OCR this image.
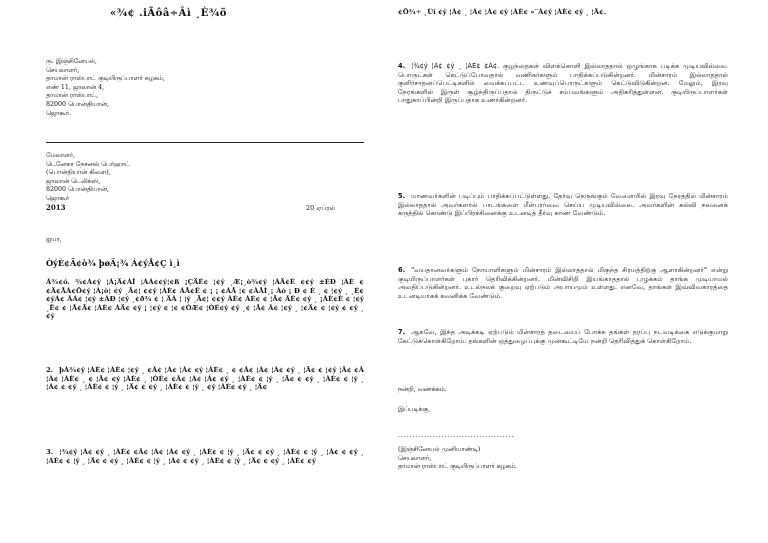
«¾¢ .iÃôâ÷Âì ¸È¾õ
ரு. இஞ்சினேயல்,
செயலாளர்,
தாமான் ராஸ்பாட் குடியிருப்பாளர் கழகம்,
எண் 11, ஜாலான் 4,
தாமான் ராஸ்பாட்,
82000 பொன்தியான்,
ஜொகூர்.
மேலாளர்,
டெனேகா நேசனல் பெர்ஹாட்
(பொன்தியான் கிளை),
ஜாலான் டெலிக்ஸ்,
82000 பொன்தியான்,
ஜொகூர்
2013	20 ஏப்ரல்
ஐயா,
ÒýÈ¢Ã¢ò¾ þøÄ¡¾ Á¢ýÅ¢Ç ì¸ì
Â¾¢ó. ¾¢Á¢ý ¦À¡Ä¢ÀÎ ¦ÀÁ¢¢ý¦¢ß ¡ÇÄÉ¢ ¦¢ý ¸Æ¡¸ò¾¢ý ¦ÀÄ¢É ¢¢ý ±ÉÐ ¦ÀÈ ¢¢Ä¢ÅÁ¢Õ¢ý ¦À¡ò¦ ¢ý ¸Ã¢¦ ¢¢ý ¦ÀÈ¢ ÁÅ¢Ê ¢ ¡ ¡ ¢ÀÅ ¦¢ ¢ÀÅÌ¸¡ Àó ¡ Ð ¢ É ¸ ¢ ¦¢ý ¸ ¸É¢¢ýÁ¢ ÂÁ¢ ¦¢ý ±ÀÐ ¦¢ý ¸¢ð¾ ¢ ¦ ÄÁ ¦ ¦ý ¸Ã¢¦ ¢¢ý ÀÉ¢ ÀÉ¢ ¢ ¦Ä¢ ÂÉ¢ ¢ý ¸ ¡ÀÈ¢É ¢ ¦¢ý ¸Ê¢ ¢ ¦Å¢Ã¢ ¦ÀÈ¢ ÁÄ¢ ¢ý ¡ ¦¢ý ¢ ¦¢ ¢ÒÆ¢ ¦ÒÉ¢ý ¢ý ¸¢ ¦Å¢ Â¢ ¦¢ý ¸ ¦¢Ä¢ ¢ ¦¢ý ¢ ¢ý ¸ ¢ý
2. þÀ¾¢ý ¦ÀÈ¢ ¦ÀÈ¢ ¦¢ý ¸ ¢Â¢ ¦À¢ ¦À¢ ¢ý ¦ÀÈ¢ ¸ ¢ ¢Â¢ ¦À¢ ¦À¢ ¢ý ¸ ¦Ã¢ ¢ ¦¢ý ¦Ä¢ ¢Â ¦À¢ ¦ÀÈ¢ ¸ ¢ ¦Å¢ ¢ý ¦ÀÈ¢ ¸ ¦ÒÉ¢ ¢Â¢ ¦À¢ ¦Á¢ ¢ý ¸ ¦ÀÈ¢ ¢ ¦ý ¸ ¦Ä¢ ¢ ¢ý ¸ ¦ÀÈ¢ ¢ ¦ý ¸ ¦Á¢ ¢ ¢ý ¸ ¦ÀÈ¢ ¢ ¦ý ¸ ¦Ä¢ ¢ ¢ý ¸ ¦ÀÈ¢ ¢ ¦ý ¸ ¢ý ¦ÀÈ¢ ¢ý ¸ ¦Ä¢
3. ¦¾¢ý ¦À¢ ¢ý ¸ ¦ÀÈ¢ ¢Â¢ ¦À¢ ¦Á¢ ¢ý ¸ ¦ÀÈ¢ ¢ ¦ý ¸ ¦Ä¢ ¢ ¢ý ¸ ¦ÀÈ¢ ¢ ¦ý ¸ ¦Á¢ ¢ ¢ý ¸ ¦ÀÈ¢ ¢ ¦ý ¸ ¦Ä¢ ¢ ¢ý ¸ ¦ÀÈ¢ ¢ ¦ý ¸ ¦Á¢ ¢ ¢ý ¸ ¦ÀÈ¢ ¢ ¦ý ¸ ¦Ä¢ ¢ ¢ý ¸ ¦ÀÈ¢ ¢ý
¢Õ¾÷ ¸Üí ¢ý ¦À¢ ¸ ¦Á¢ ¦À¢ ¢ý ¦ÀÈ¢ «¨Á¢ý ¦ÀÈ¢ ¢ý ¸ ¦Ä¢.
4. ¦¾¢ý ¦Á¢ ¢ý ¸ ¦ÀÈ¢ ¢Â¢. குழந்தைகள் விளக்கொளி இல்லாததால் ஒழுங்காக படிக்க முடியவில்லை. பொருட்கள் கெட்டுப்போவதால் வணிகர்களும் பாதிக்கப்படுகின்றனர். மின்சாரம் இல்லாததால் குளிர்சாதனப்பெட்டிகளில் வைக்கப்பட்ட உணவுப்பொருட்களும் கெட்டுவிடுகின்றன. மேலும், இரவு நேரங்களில் இருள் சூழ்ந்திருப்பதால் திருட்டுச் சம்பவங்களும் அதிகரித்துள்ளன. குடியிருப்பாளர்கள் பாதுகாப்பின்றி இருப்பதாக உணர்கின்றனர்.
5. மாணவர்களின் படிப்பும் பாதிக்கப்பட்டுள்ளது. தேர்வு நெருங்கும் வேளையில் இரவு நேரத்தில் மின்சாரம் இல்லாததால் அவர்களால் பாடங்களை மீள்பார்வை செய்ய முடியவில்லை. அவர்களின் கல்வி நலனைக் கருத்தில் கொண்டு இப்பிரச்சினைக்கு உடனடித் தீர்வு காண வேண்டும்.
6. "வயதானவர்களும் நோயாளிகளும் மின்சாரம் இல்லாததால் மிகுந்த சிரமத்திற்கு ஆளாகின்றனர்" என்று குடியிருப்பாளர்கள் புகார் தெரிவிக்கின்றனர். மின்விசிறி இயங்காததால் புழுக்கம் தாங்க முடியாமல் அவதிப்படுகின்றனர். உடல்நலக் குறைவு ஏற்படும் அபாயமும் உள்ளது. எனவே, தாங்கள் இவ்விவகாரத்தை உடனடியாகக் கவனிக்க வேண்டும்.
7. ஆகவே, இந்த அடிக்கடி ஏற்படும் மின்சாரத் தடையைப் போக்க தங்கள் தரப்பு நடவடிக்கை எடுக்குமாறு கேட்டுக்கொள்கிறோம். தங்களின் ஒத்துழைப்புக்கு முன்கூட்டியே நன்றி தெரிவித்துக் கொள்கிறோம்.
நன்றி, வணக்கம்.
இப்படிக்கு,
........................................
(இஞ்சினேயல் முனியாண்டி)
செயலாளர்,
தாமான் ராஸ்பாட் குடியிருப்பாளர் கழகம்.
